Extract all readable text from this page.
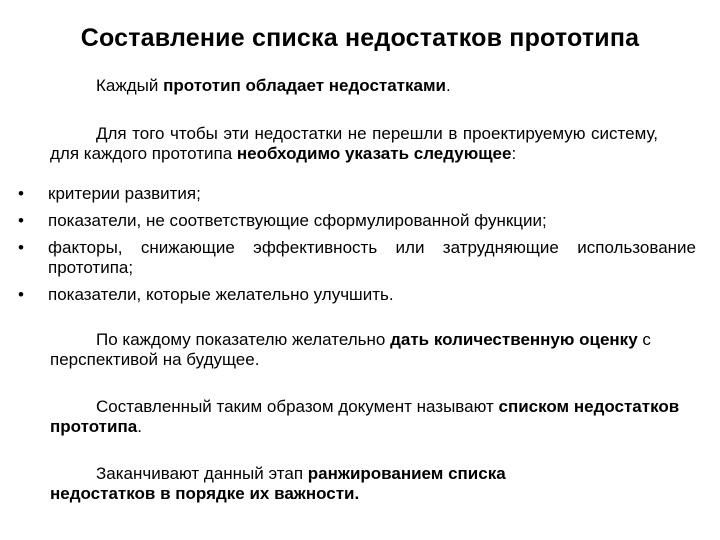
Составление списка недостатков прототипа

Каждый прототип обладает недостатками.

Для того чтобы эти недостатки не перешли в проектируемую систему, для каждого прототипа необходимо указать следующее:

• критерии развития;
• показатели, не соответствующие сформулированной функции;
• факторы, снижающие эффективность или затрудняющие использование прототипа;
• показатели, которые желательно улучшить.

По каждому показателю желательно дать количественную оценку с перспективой на будущее.

Составленный таким образом документ называют списком недостатков прототипа.

Заканчивают данный этап ранжированием списка недостатков в порядке их важности.
